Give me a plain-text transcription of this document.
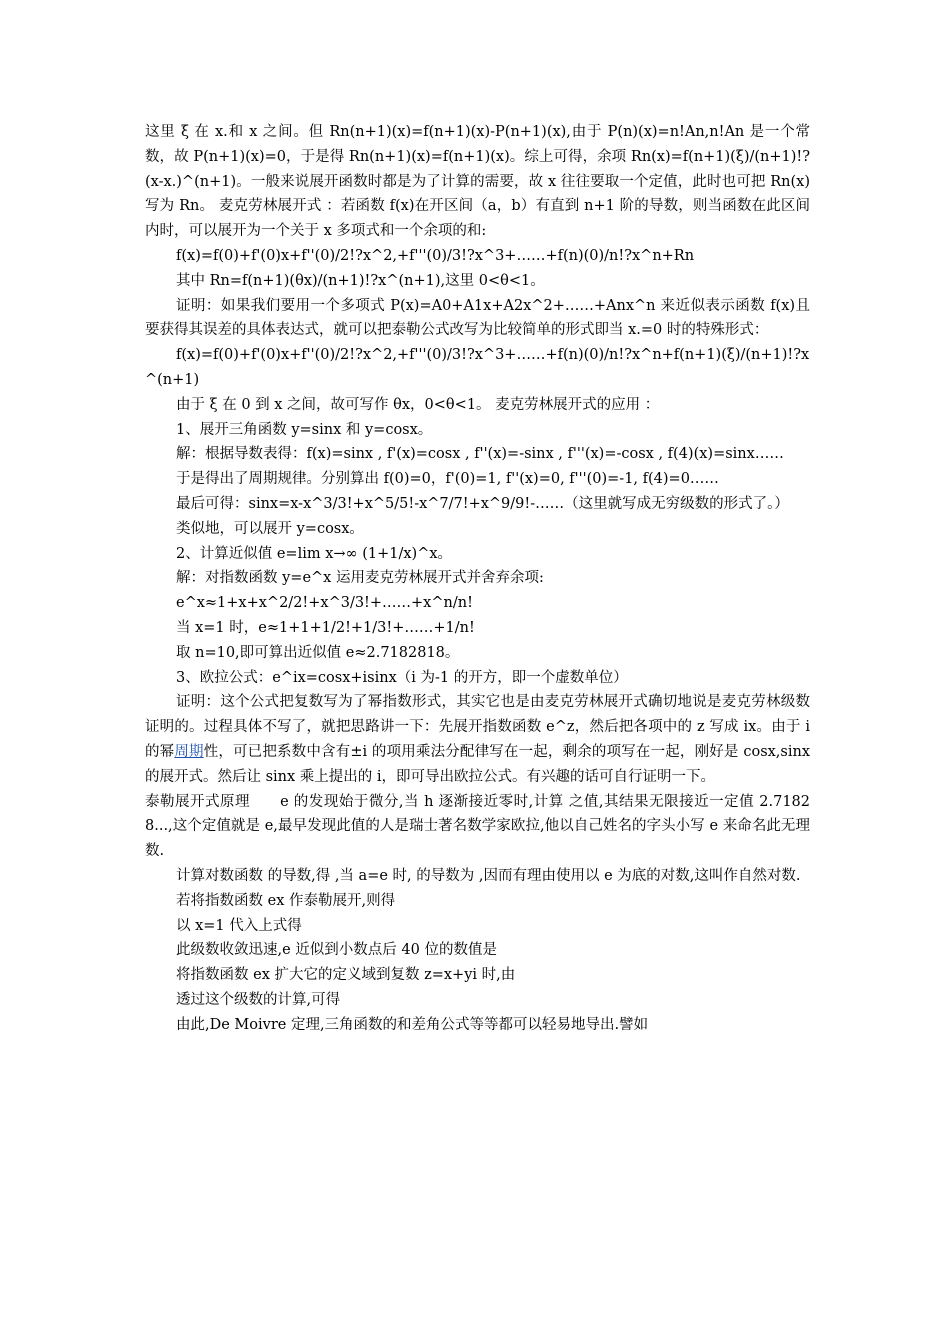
这里 ξ 在 x.和 x 之间。但 Rn(n+1)(x)=f(n+1)(x)-P(n+1)(x),由于 P(n)(x)=n!An,n!An 是一个常数，故 P(n+1)(x)=0，于是得 Rn(n+1)(x)=f(n+1)(x)。综上可得，余项 Rn(x)=f(n+1)(ξ)/(n+1)!?(x-x.)^(n+1)。一般来说展开函数时都是为了计算的需要，故 x 往往要取一个定值，此时也可把 Rn(x)写为 Rn。 麦克劳林展开式 ：若函数 f(x)在开区间（a，b）有直到 n+1 阶的导数，则当函数在此区间内时，可以展开为一个关于 x 多项式和一个余项的和:

f(x)=f(0)+f'(0)x+f''(0)/2!?x^2,+f'''(0)/3!?x^3+……+f(n)(0)/n!?x^n+Rn

其中 Rn=f(n+1)(θx)/(n+1)!?x^(n+1),这里 0<θ<1。

证明：如果我们要用一个多项式 P(x)=A0+A1x+A2x^2+……+Anx^n 来近似表示函数 f(x)且要获得其误差的具体表达式，就可以把泰勒公式改写为比较简单的形式即当 x.=0 时的特殊形式：

f(x)=f(0)+f'(0)x+f''(0)/2!?x^2,+f'''(0)/3!?x^3+……+f(n)(0)/n!?x^n+f(n+1)(ξ)/(n+1)!?x^(n+1)

由于 ξ 在 0 到 x 之间，故可写作 θx，0<θ<1。 麦克劳林展开式的应用 ：

1、展开三角函数 y=sinx 和 y=cosx。

解：根据导数表得：f(x)=sinx , f'(x)=cosx , f''(x)=-sinx , f'''(x)=-cosx , f(4)(x)=sinx……

于是得出了周期规律。分别算出 f(0)=0，f'(0)=1, f''(x)=0, f'''(0)=-1, f(4)=0……

最后可得：sinx=x-x^3/3!+x^5/5!-x^7/7!+x^9/9!-……（这里就写成无穷级数的形式了。）

类似地，可以展开 y=cosx。

2、计算近似值 e=lim x→∞ (1+1/x)^x。

解：对指数函数 y=e^x 运用麦克劳林展开式并舍弃余项:

e^x≈1+x+x^2/2!+x^3/3!+……+x^n/n!

当 x=1 时，e≈1+1+1/2!+1/3!+……+1/n!

取 n=10,即可算出近似值 e≈2.7182818。

3、欧拉公式：e^ix=cosx+isinx（i 为-1 的开方，即一个虚数单位）

证明：这个公式把复数写为了幂指数形式，其实它也是由麦克劳林展开式确切地说是麦克劳林级数证明的。过程具体不写了，就把思路讲一下：先展开指数函数 e^z，然后把各项中的 z 写成 ix。由于 i 的幂周期性，可已把系数中含有±i 的项用乘法分配律写在一起，剩余的项写在一起，刚好是 cosx,sinx 的展开式。然后让 sinx 乘上提出的 i，即可导出欧拉公式。有兴趣的话可自行证明一下。

泰勒展开式原理　　e 的发现始于微分,当 h 逐渐接近零时,计算 之值,其结果无限接近一定值 2.71828...,这个定值就是 e,最早发现此值的人是瑞士著名数学家欧拉,他以自己姓名的字头小写 e 来命名此无理数.

计算对数函数 的导数,得 ,当 a=e 时, 的导数为 ,因而有理由使用以 e 为底的对数,这叫作自然对数.

若将指数函数 ex 作泰勒展开,则得

以 x=1 代入上式得

此级数收敛迅速,e 近似到小数点后 40 位的数值是

将指数函数 ex 扩大它的定义域到复数 z=x+yi 时,由

透过这个级数的计算,可得

由此,De Moivre 定理,三角函数的和差角公式等等都可以轻易地导出.譬如
